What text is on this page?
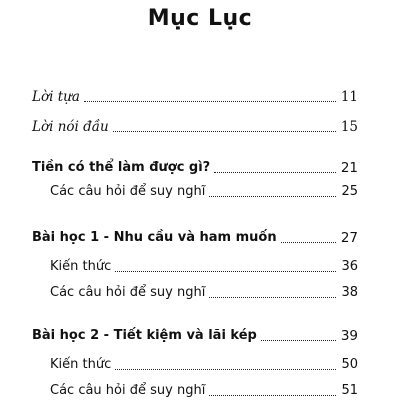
Mục Lục
Lời tựa	11
Lời nói đầu	15
Tiền có thể làm được gì?	21
Các câu hỏi để suy nghĩ	25
Bài học 1 - Nhu cầu và ham muốn	27
Kiến thức	36
Các câu hỏi để suy nghĩ	38
Bài học 2 - Tiết kiệm và lãi kép	39
Kiến thức	50
Các câu hỏi để suy nghĩ	51
